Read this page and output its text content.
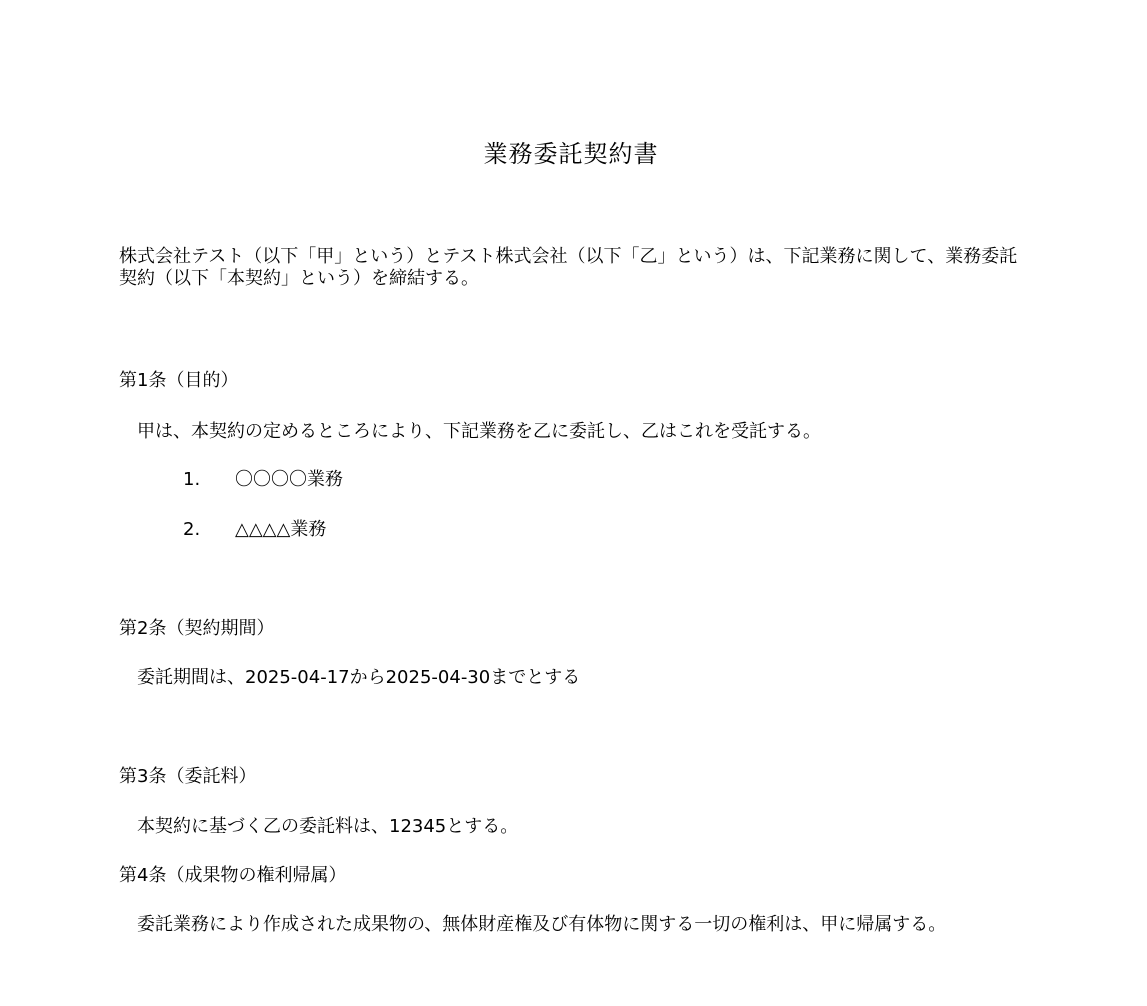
業務委託契約書

株式会社テスト（以下「甲」という）とテスト株式会社（以下「乙」という）は、下記業務に関して、業務委託契約（以下「本契約」という）を締結する。

第1条（目的）
　甲は、本契約の定めるところにより、下記業務を乙に委託し、乙はこれを受託する。
1. 〇〇〇〇業務
2. △△△△業務
第2条（契約期間）
　委託期間は、2025-04-17から2025-04-30までとする
第3条（委託料）
　本契約に基づく乙の委託料は、12345とする。
第4条（成果物の権利帰属）

　委託業務により作成された成果物の、無体財産権及び有体物に関する一切の権利は、甲に帰属する。
